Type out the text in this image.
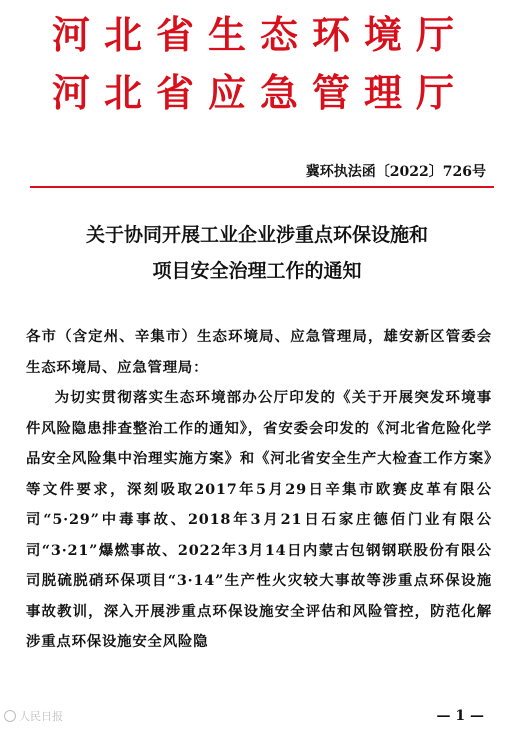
河北省生态环境厅
河北省应急管理厅
冀环执法函〔2022〕726号
关于协同开展工业企业涉重点环保设施和
项目安全治理工作的通知
各市（含定州、辛集市）生态环境局、应急管理局，雄安新区管委会生态环境局、应急管理局：
为切实贯彻落实生态环境部办公厅印发的《关于开展突发环境事件风险隐患排查整治工作的通知》，省安委会印发的《河北省危险化学品安全风险集中治理实施方案》和《河北省安全生产大检查工作方案》等文件要求，深刻吸取2017年5月29日辛集市欧赛皮革有限公司“5·29”中毒事故、2018年3月21日石家庄德佰门业有限公司“3·21”爆燃事故、2022年3月14日内蒙古包钢钢联股份有限公司脱硫脱硝环保项目“3·14”生产性火灾较大事故等涉重点环保设施事故教训，深入开展涉重点环保设施安全评估和风险管控，防范化解涉重点环保设施安全风险隐
人民日报	— 1 —
